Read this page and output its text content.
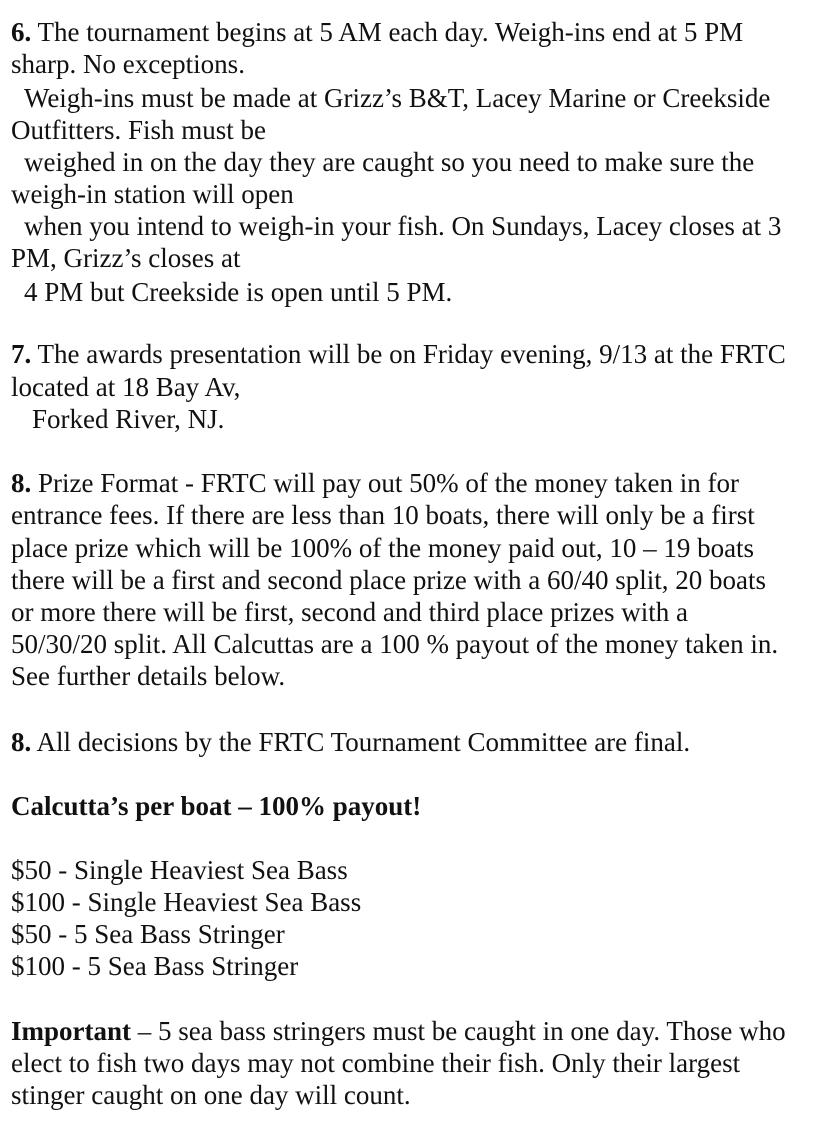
6. The tournament begins at 5 AM each day. Weigh-ins end at 5 PM
sharp. No exceptions.
Weigh-ins must be made at Grizz’s B&T, Lacey Marine or Creekside
Outfitters. Fish must be
weighed in on the day they are caught so you need to make sure the
weigh-in station will open
when you intend to weigh-in your fish. On Sundays, Lacey closes at 3
PM, Grizz’s closes at
4 PM but Creekside is open until 5 PM.
7. The awards presentation will be on Friday evening, 9/13 at the FRTC
located at 18 Bay Av,
Forked River, NJ.
8. Prize Format - FRTC will pay out 50% of the money taken in for
entrance fees. If there are less than 10 boats, there will only be a first
place prize which will be 100% of the money paid out, 10 – 19 boats
there will be a first and second place prize with a 60/40 split, 20 boats
or more there will be first, second and third place prizes with a
50/30/20 split. All Calcuttas are a 100 % payout of the money taken in.
See further details below.
8. All decisions by the FRTC Tournament Committee are final.
Calcutta’s per boat – 100% payout!
$50 - Single Heaviest Sea Bass
$100 - Single Heaviest Sea Bass
$50 - 5 Sea Bass Stringer
$100 - 5 Sea Bass Stringer
Important – 5 sea bass stringers must be caught in one day. Those who
elect to fish two days may not combine their fish. Only their largest
stinger caught on one day will count.
